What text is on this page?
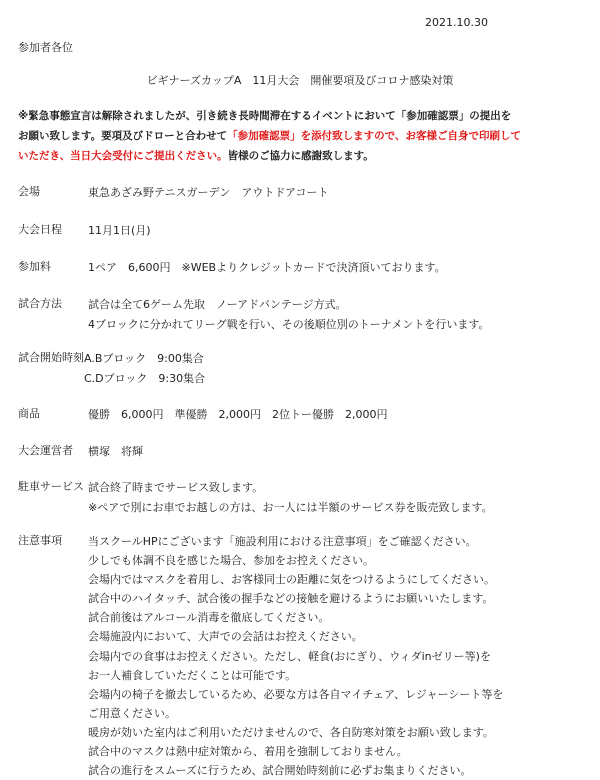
2021.10.30
参加者各位
ビギナーズカップA　11月大会　開催要項及びコロナ感染対策
※緊急事態宣言は解除されましたが、引き続き長時間滞在するイベントにおいて「参加確認票」の提出を
お願い致します。要項及びドローと合わせて「参加確認票」を添付致しますので、お客様ご自身で印刷して
いただき、当日大会受付にご提出ください。皆様のご協力に感謝致します。
会場	東急あざみ野テニスガーデン　アウトドアコート
大会日程 11月1日(月)
参加料	1ペア　6,600円　※WEBよりクレジットカードで決済頂いております。
試合方法 試合は全て6ゲーム先取　ノーアドバンテージ方式。
4ブロックに分かれてリーグ戦を行い、その後順位別のトーナメントを行います。
試合開始時刻 A.Bブロック　9:00集合
C.Dブロック　9:30集合
商品	優勝　6,000円　準優勝　2,000円　2位トー優勝　2,000円
大会運営者 横塚　将輝
駐車サービス 試合終了時までサービス致します。
※ペアで別にお車でお越しの方は、お一人には半額のサービス券を販売致します。
注意事項 当スクールHPにございます「施設利用における注意事項」をご確認ください。
少しでも体調不良を感じた場合、参加をお控えください。
会場内ではマスクを着用し、お客様同士の距離に気をつけるようにしてください。
試合中のハイタッチ、試合後の握手などの接触を避けるようにお願いいたします。
試合前後はアルコール消毒を徹底してください。
会場施設内において、大声での会話はお控えください。
会場内での食事はお控えください。ただし、軽食(おにぎり、ウィダinゼリー等)を
お一人補食していただくことは可能です。
会場内の椅子を撤去しているため、必要な方は各自マイチェア、レジャーシート等を
ご用意ください。
暖房が効いた室内はご利用いただけませんので、各自防寒対策をお願い致します。
試合中のマスクは熱中症対策から、着用を強制しておりません。
試合の進行をスムーズに行うため、試合開始時刻前に必ずお集まりください。
